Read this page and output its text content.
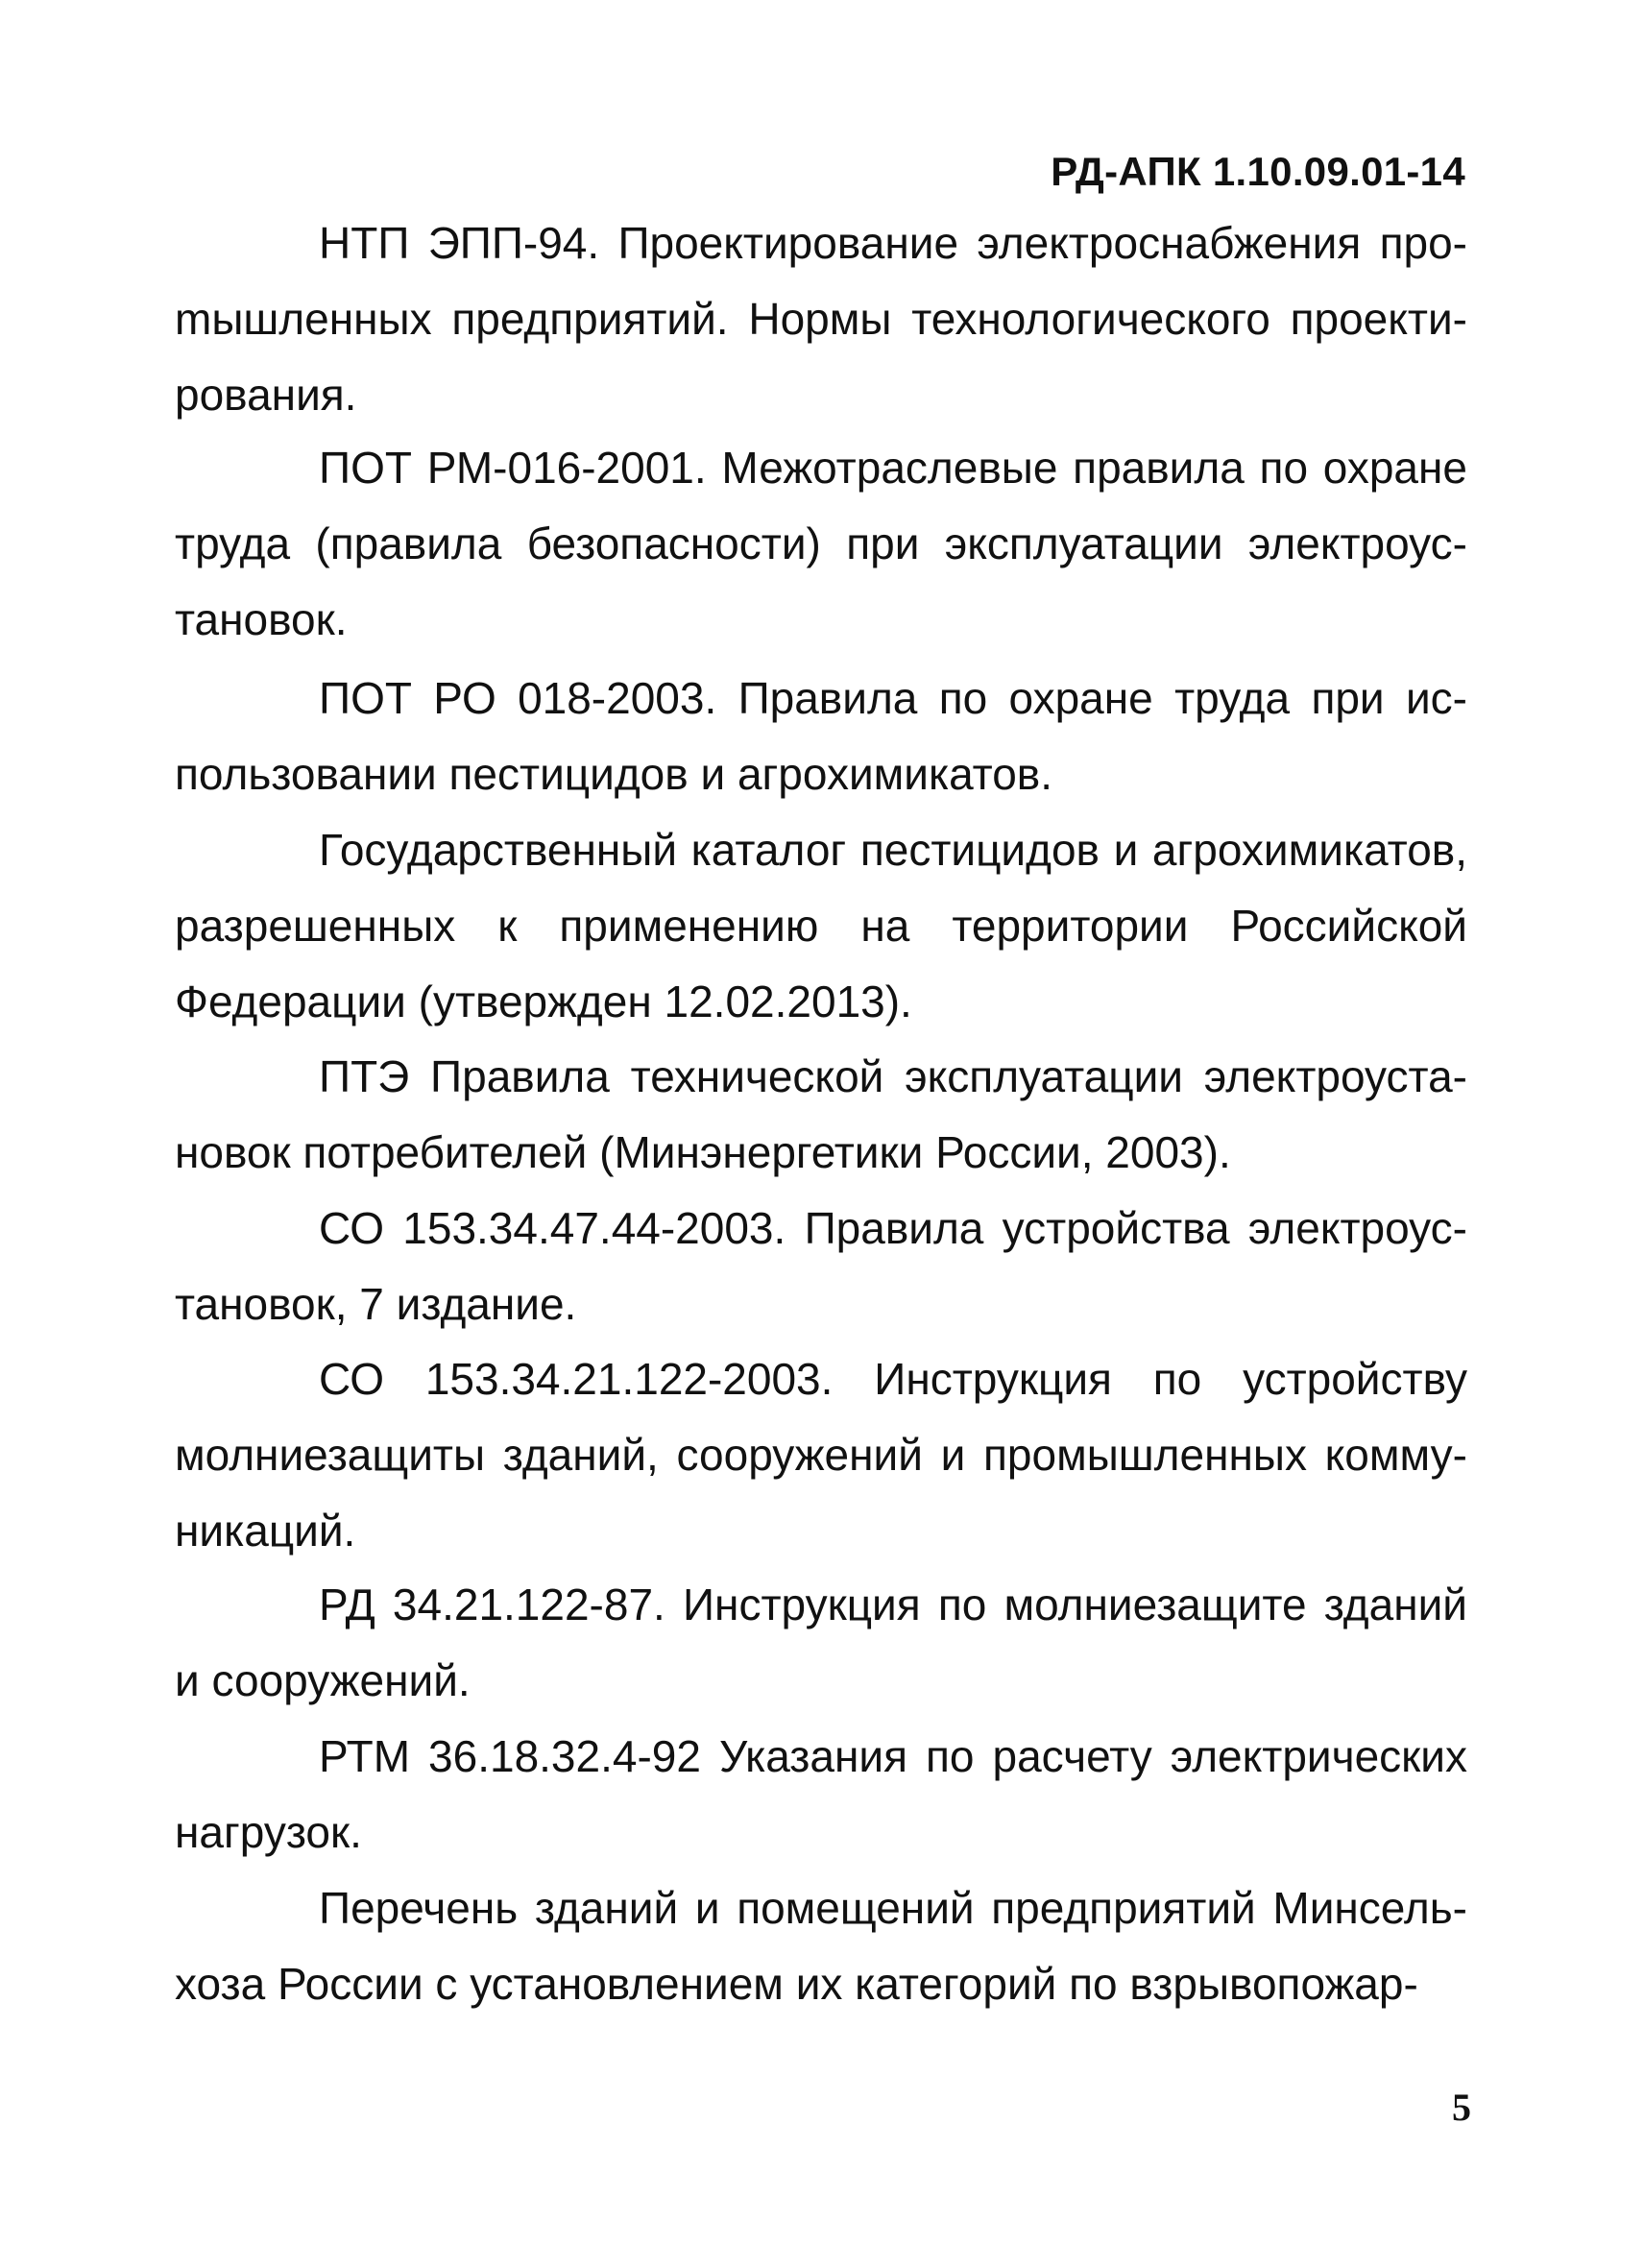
РД-АПК 1.10.09.01-14

НТП ЭПП-94. Проектирование электроснабжения проmышленных предприятий. Нормы технологического проектирования.

ПОТ РМ-016-2001. Межотраслевые правила по охране труда (правила безопасности) при эксплуатации электроустановок.

ПОТ РО 018-2003. Правила по охране труда при использовании пестицидов и агрохимикатов.

Государственный каталог пестицидов и агрохимикатов, разрешенных к применению на территории Российской Федерации (утвержден 12.02.2013).

ПТЭ Правила технической эксплуатации электроустановок потребителей (Минэнергетики России, 2003).

СО 153.34.47.44-2003. Правила устройства электроустановок, 7 издание.

СО 153.34.21.122-2003. Инструкция по устройству молниезащиты зданий, сооружений и промышленных коммуникаций.

РД 34.21.122-87. Инструкция по молниезащите зданий и сооружений.

РТМ 36.18.32.4-92 Указания по расчету электрических нагрузок.

Перечень зданий и помещений предприятий Минсельхоза России с установлением их категорий по взрывопожар-

5
